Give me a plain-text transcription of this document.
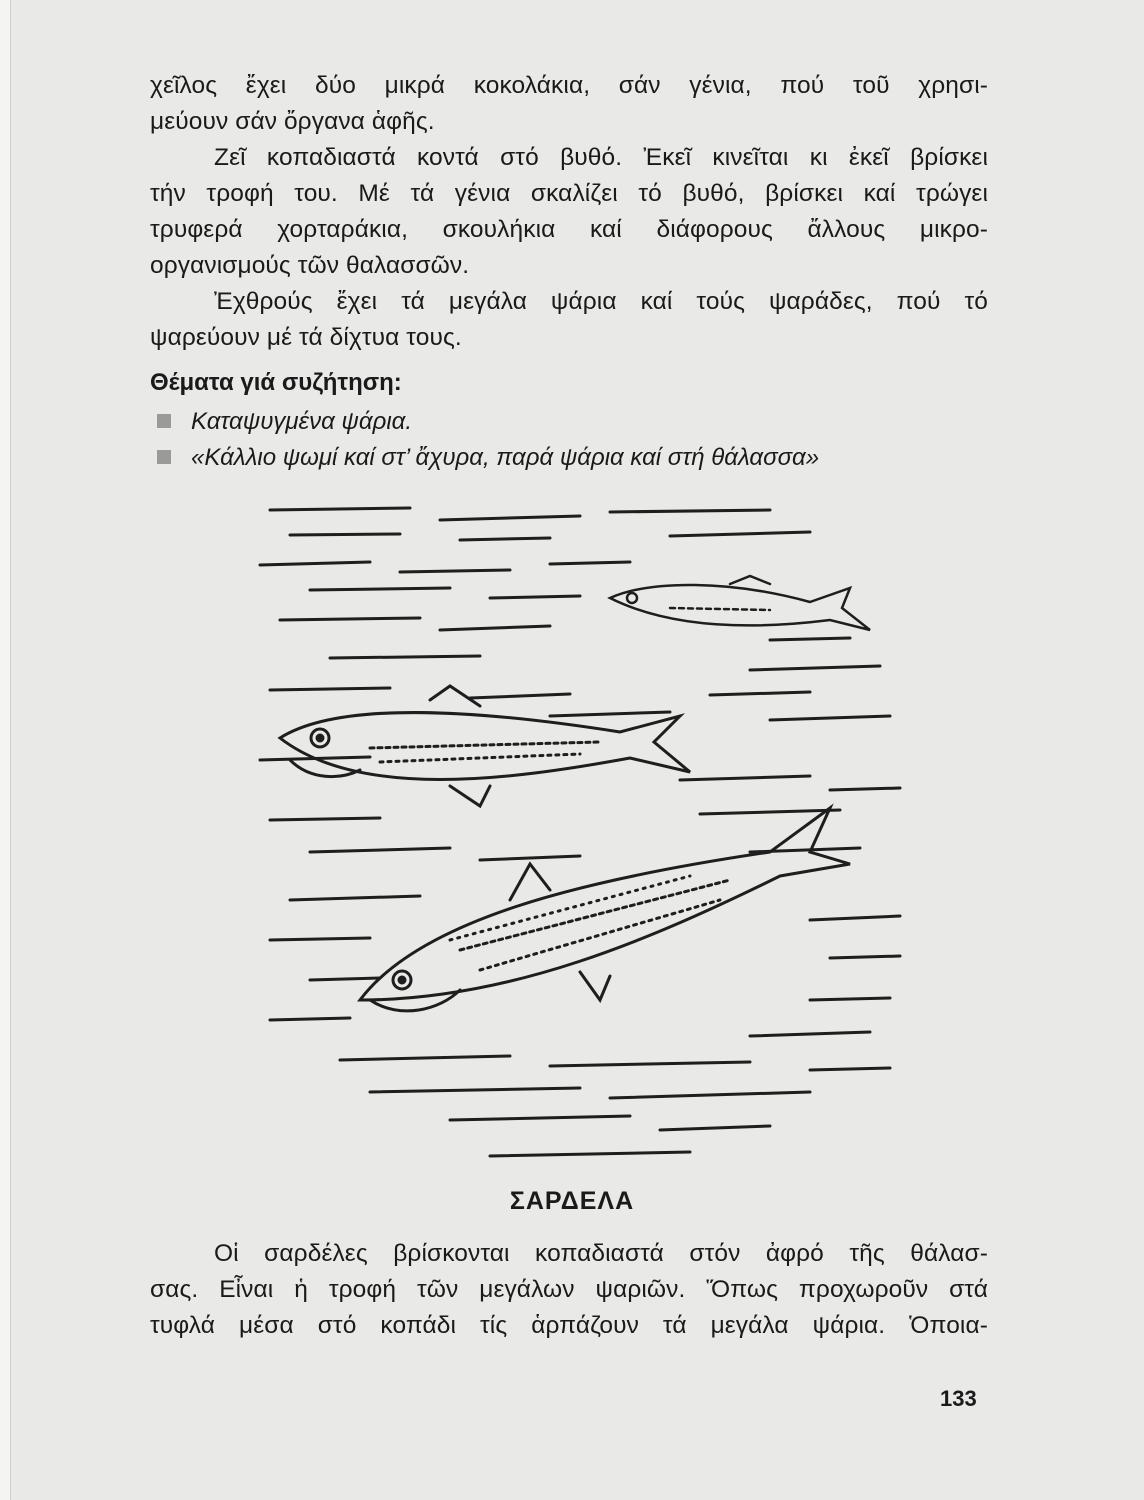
χεῖλος ἔχει δύο μικρά κοκολάκια, σάν γένια, πού τοῦ χρησι-
μεύουν σάν ὄργανα ἁφῆς.
Ζεῖ κοπαδιαστά κοντά στό βυθό. Ἐκεῖ κινεῖται κι ἐκεῖ βρίσκει
τήν τροφή του. Μέ τά γένια σκαλίζει τό βυθό, βρίσκει καί τρώγει
τρυφερά χορταράκια, σκουλήκια καί διάφορους ἄλλους μικρο-
οργανισμούς τῶν θαλασσῶν.
Ἐχθρούς ἔχει τά μεγάλα ψάρια καί τούς ψαράδες, πού τό
ψαρεύουν μέ τά δίχτυα τους.
Θέματα γιά συζήτηση:
Καταψυγμένα ψάρια.
«Κάλλιο ψωμί καί στ’ ἄχυρα, παρά ψάρια καί στή θάλασσα»
ΣΑΡΔΕΛΑ
Οἱ σαρδέλες βρίσκονται κοπαδιαστά στόν ἀφρό τῆς θάλασ-
σας. Εἶναι ἡ τροφή τῶν μεγάλων ψαριῶν. Ὅπως προχωροῦν στά
τυφλά μέσα στό κοπάδι τίς ἁρπάζουν τά μεγάλα ψάρια. Ὁποια-
133
